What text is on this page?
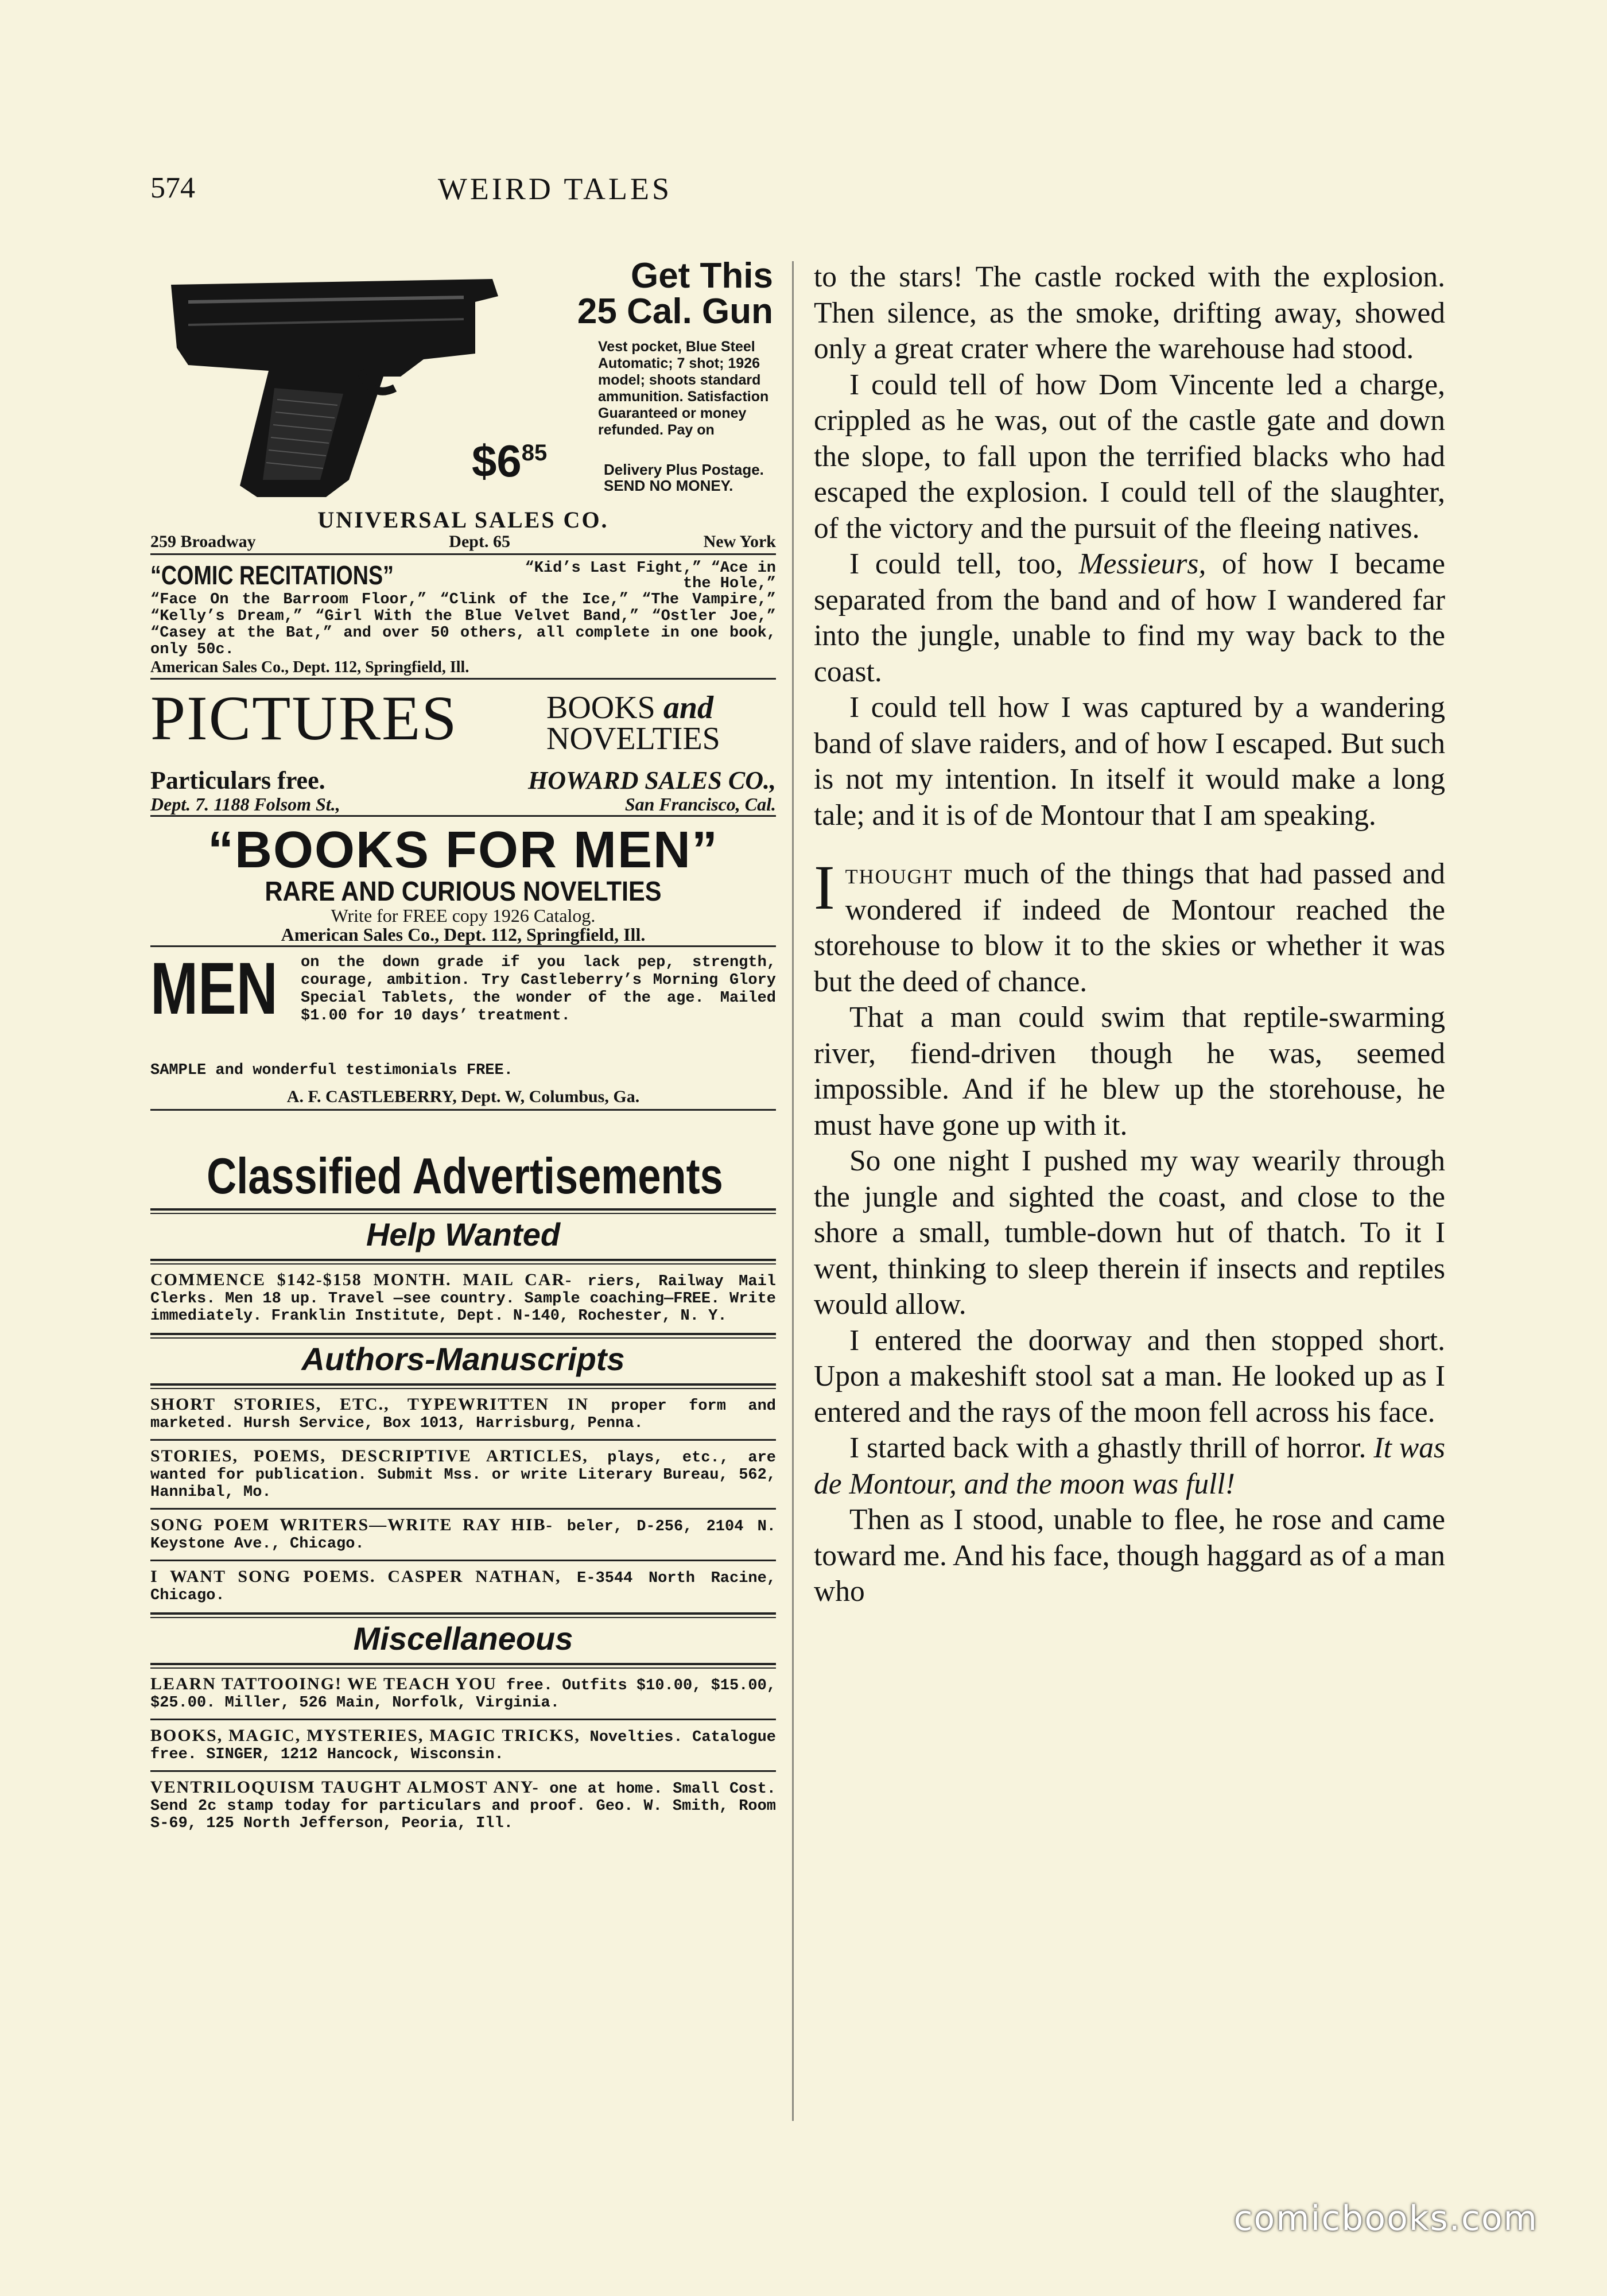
574	WEIRD TALES
Get This
25 Cal. Gun
Vest pocket, Blue Steel Automatic; 7 shot; 1926 model; shoots standard ammunition. Satisfaction Guaranteed or money refunded. Pay on
$\$6^{85}$
Delivery Plus Postage. SEND NO MONEY.
UNIVERSAL SALES CO.
259 Broadway	Dept. 65	New York
“COMIC RECITATIONS”	“Kid’s Last Fight,” “Ace in the Hole,”
“Face On the Barroom Floor,” “Clink of the Ice,” “The Vampire,” “Kelly’s Dream,” “Girl With the Blue Velvet Band,” “Ostler Joe,” “Casey at the Bat,” and over 50 others, all complete in one book, only 50c.
American Sales Co., Dept. 112, Springfield, Ill.
PICTURES	BOOKS and
NOVELTIES
Particulars free.	HOWARD SALES CO.,
Dept. 7. 1188 Folsom St.,	San Francisco, Cal.
“BOOKS FOR MEN”
RARE AND CURIOUS NOVELTIES
Write for FREE copy 1926 Catalog.
American Sales Co., Dept. 112, Springfield, Ill.
MEN on the down grade if you lack pep, strength, courage, ambition. Try Castleberry’s Morning Glory Special Tablets, the wonder of the age. Mailed $1.00 for 10 days’ treatment.
SAMPLE and wonderful testimonials FREE.
A. F. CASTLEBERRY, Dept. W, Columbus, Ga.
Classified Advertisements
Help Wanted
COMMENCE $142-$158 MONTH. MAIL CAR- riers, Railway Mail Clerks. Men 18 up. Travel —see country. Sample coaching—FREE. Write immediately. Franklin Institute, Dept. N-140, Rochester, N. Y.
Authors-Manuscripts
SHORT STORIES, ETC., TYPEWRITTEN IN proper form and marketed. Hursh Service, Box 1013, Harrisburg, Penna.
STORIES, POEMS, DESCRIPTIVE ARTICLES, plays, etc., are wanted for publication. Submit Mss. or write Literary Bureau, 562, Hannibal, Mo.
SONG POEM WRITERS—WRITE RAY HIB- beler, D-256, 2104 N. Keystone Ave., Chicago.
I WANT SONG POEMS. CASPER NATHAN, E-3544 North Racine, Chicago.
Miscellaneous
LEARN TATTOOING! WE TEACH YOU free. Outfits $10.00, $15.00, $25.00. Miller, 526 Main, Norfolk, Virginia.
BOOKS, MAGIC, MYSTERIES, MAGIC TRICKS, Novelties. Catalogue free. SINGER, 1212 Hancock, Wisconsin.
VENTRILOQUISM TAUGHT ALMOST ANY- one at home. Small Cost. Send 2c stamp today for particulars and proof. Geo. W. Smith, Room S-69, 125 North Jefferson, Peoria, Ill.

to the stars! The castle rocked with the explosion. Then silence, as the smoke, drifting away, showed only a great crater where the warehouse had stood.

I could tell of how Dom Vincente led a charge, crippled as he was, out of the castle gate and down the slope, to fall upon the terrified blacks who had escaped the explosion. I could tell of the slaughter, of the victory and the pursuit of the fleeing natives.

I could tell, too, Messieurs, of how I became separated from the band and of how I wandered far into the jungle, unable to find my way back to the coast.

I could tell how I was captured by a wandering band of slave raiders, and of how I escaped. But such is not my intention. In itself it would make a long tale; and it is of de Montour that I am speaking.

Ithought much of the things that had passed and wondered if indeed de Montour reached the storehouse to blow it to the skies or whether it was but the deed of chance.

That a man could swim that reptile-swarming river, fiend-driven though he was, seemed impossible. And if he blew up the storehouse, he must have gone up with it.

So one night I pushed my way wearily through the jungle and sighted the coast, and close to the shore a small, tumble-down hut of thatch. To it I went, thinking to sleep therein if insects and reptiles would allow.

I entered the doorway and then stopped short. Upon a makeshift stool sat a man. He looked up as I entered and the rays of the moon fell across his face.

I started back with a ghastly thrill of horror. It was de Montour, and the moon was full!

Then as I stood, unable to flee, he rose and came toward me. And his face, though haggard as of a man who

comicbooks.com
